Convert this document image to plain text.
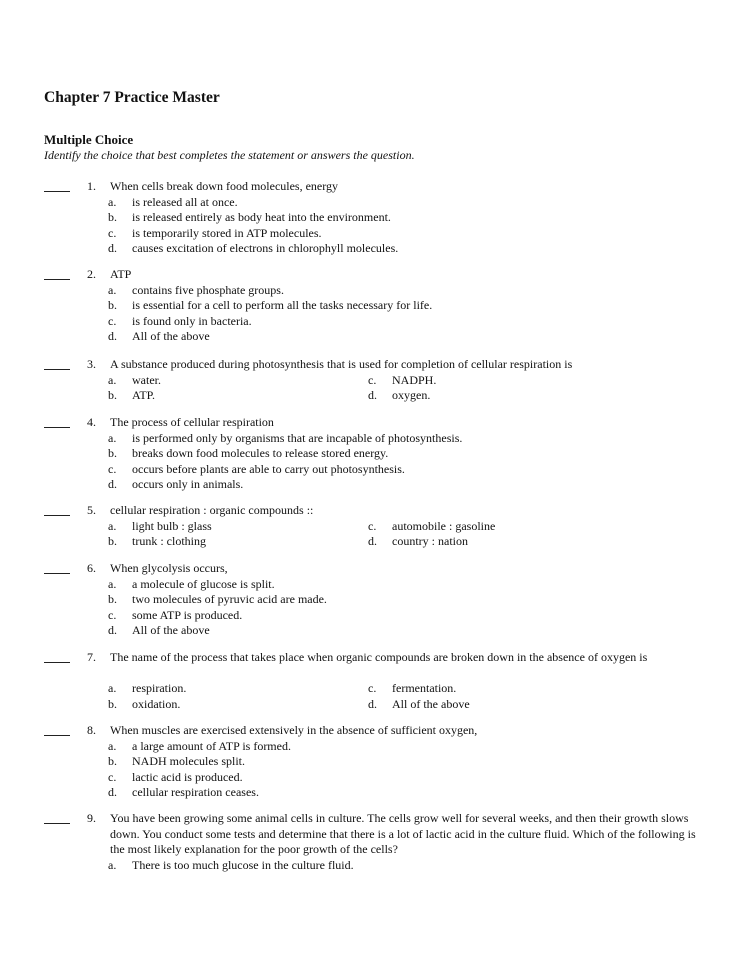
Chapter 7 Practice Master
Multiple Choice
Identify the choice that best completes the statement or answers the question.
1. When cells break down food molecules, energy
a.	is released all at once.
b.	is released entirely as body heat into the environment.
c.	is temporarily stored in ATP molecules.
d.	causes excitation of electrons in chlorophyll molecules.
2. ATP
a.	contains five phosphate groups.
b.	is essential for a cell to perform all the tasks necessary for life.
c.	is found only in bacteria.
d.	All of the above
3. A substance produced during photosynthesis that is used for completion of cellular respiration is
a. water.
b. ATP.
c. NADPH.
d. oxygen.
4. The process of cellular respiration
a.	is performed only by organisms that are incapable of photosynthesis.
b.	breaks down food molecules to release stored energy.
c.	occurs before plants are able to carry out photosynthesis.
d.	occurs only in animals.
5. cellular respiration : organic compounds ::
a. light bulb : glass
b. trunk : clothing
c. automobile : gasoline
d. country : nation
6. When glycolysis occurs,
a.	a molecule of glucose is split.
b.	two molecules of pyruvic acid are made.
c.	some ATP is produced.
d.	All of the above
7. The name of the process that takes place when organic compounds are broken down in the absence of oxygen is
a. respiration.
b. oxidation.
c. fermentation.
d. All of the above
8. When muscles are exercised extensively in the absence of sufficient oxygen,
a.	a large amount of ATP is formed.
b.	NADH molecules split.
c.	lactic acid is produced.
d.	cellular respiration ceases.
9. You have been growing some animal cells in culture. The cells grow well for several weeks, and then their growth slows down. You conduct some tests and determine that there is a lot of lactic acid in the culture fluid. Which of the following is the most likely explanation for the poor growth of the cells?
a.	There is too much glucose in the culture fluid.
